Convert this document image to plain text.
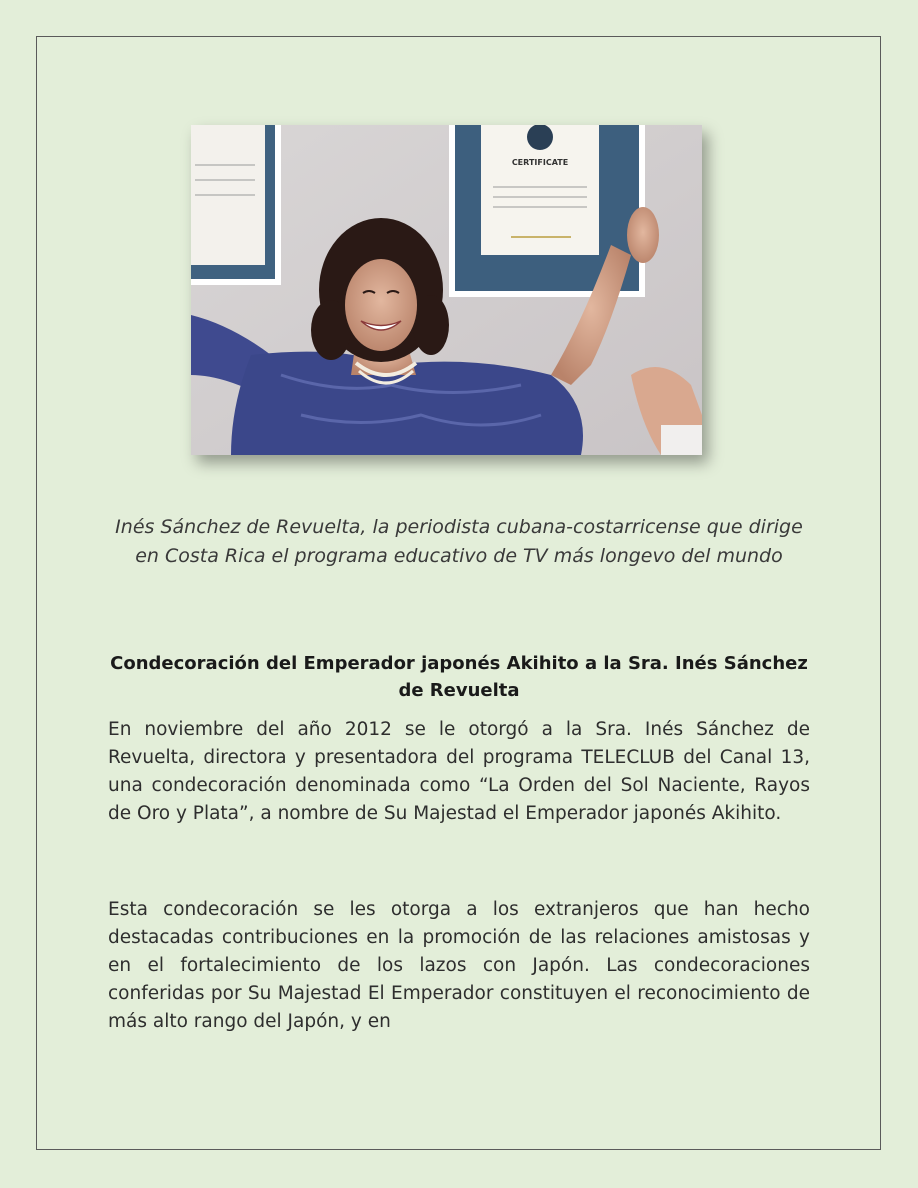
CERTIFICATE

Inés Sánchez de Revuelta, la periodista cubana-costarricense que dirige en Costa Rica el programa educativo de TV más longevo del mundo

Condecoración del Emperador japonés Akihito a la Sra. Inés Sánchez de Revuelta

En noviembre del año 2012 se le otorgó a la Sra. Inés Sánchez de Revuelta, directora y presentadora del programa TELECLUB del Canal 13, una condecoración denominada como “La Orden del Sol Naciente, Rayos de Oro y Plata”, a nombre de Su Majestad el Emperador japonés Akihito.

Esta condecoración se les otorga a los extranjeros que han hecho destacadas contribuciones en la promoción de las relaciones amistosas y en el fortalecimiento de los lazos con Japón. Las condecoraciones conferidas por Su Majestad El Emperador constituyen el reconocimiento de más alto rango del Japón, y en
